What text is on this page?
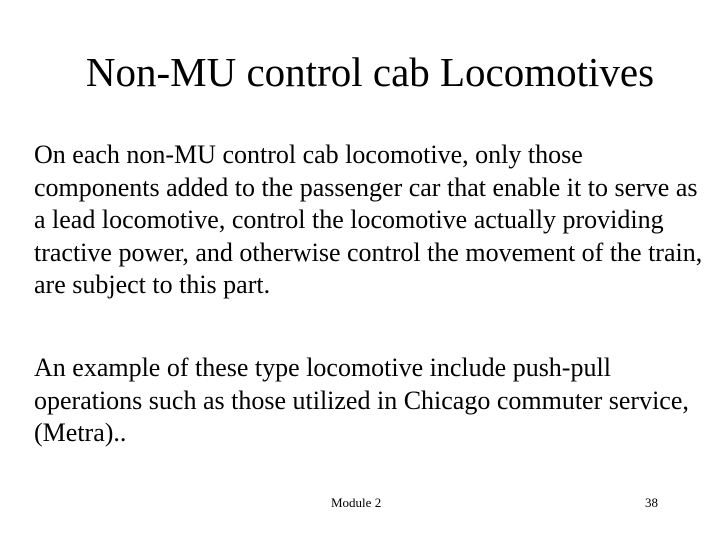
Non-MU control cab Locomotives

On each non-MU control cab locomotive, only those components added to the passenger car that enable it to serve as a lead locomotive, control the locomotive actually providing tractive power, and otherwise control the movement of the train, are subject to this part.

An example of these type locomotive include push-pull operations such as those utilized in Chicago commuter service, (Metra)..

Module 2	38
